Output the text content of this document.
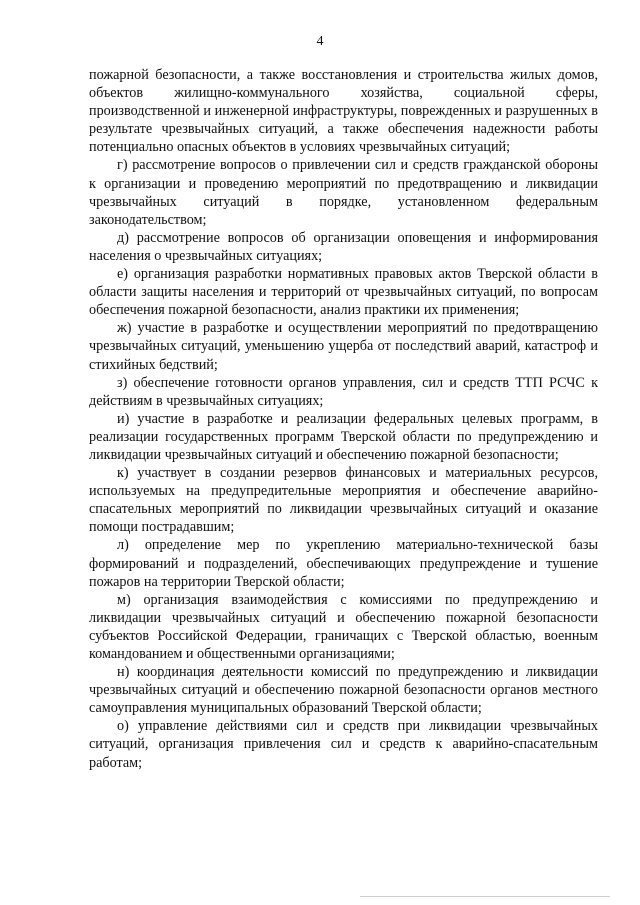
4

пожарной безопасности, а также восстановления и строительства жилых домов, объектов жилищно-коммунального хозяйства, социальной сферы, производственной и инженерной инфраструктуры, поврежденных и разрушенных в результате чрезвычайных ситуаций, а также обеспечения надежности работы потенциально опасных объектов в условиях чрезвычайных ситуаций;

г) рассмотрение вопросов о привлечении сил и средств гражданской обороны к организации и проведению мероприятий по предотвращению и ликвидации чрезвычайных ситуаций в порядке, установленном федеральным законодательством;

д) рассмотрение вопросов об организации оповещения и информирования населения о чрезвычайных ситуациях;

е) организация разработки нормативных правовых актов Тверской области в области защиты населения и территорий от чрезвычайных ситуаций, по вопросам обеспечения пожарной безопасности, анализ практики их применения;

ж) участие в разработке и осуществлении мероприятий по предотвращению чрезвычайных ситуаций, уменьшению ущерба от последствий аварий, катастроф и стихийных бедствий;

з) обеспечение готовности органов управления, сил и средств ТТП РСЧС к действиям в чрезвычайных ситуациях;

и) участие в разработке и реализации федеральных целевых программ, в реализации государственных программ Тверской области по предупреждению и ликвидации чрезвычайных ситуаций и обеспечению пожарной безопасности;

к) участвует в создании резервов финансовых и материальных ресурсов, используемых на предупредительные мероприятия и обеспечение аварийно-спасательных мероприятий по ликвидации чрезвычайных ситуаций и оказание помощи пострадавшим;

л) определение мер по укреплению материально-технической базы формирований и подразделений, обеспечивающих предупреждение и тушение пожаров на территории Тверской области;

м) организация взаимодействия с комиссиями по предупреждению и ликвидации чрезвычайных ситуаций и обеспечению пожарной безопасности субъектов Российской Федерации, граничащих с Тверской областью, военным командованием и общественными организациями;

н) координация деятельности комиссий по предупреждению и ликвидации чрезвычайных ситуаций и обеспечению пожарной безопасности органов местного самоуправления муниципальных образований Тверской области;

о) управление действиями сил и средств при ликвидации чрезвычайных ситуаций, организация привлечения сил и средств к аварийно-спасательным работам;
